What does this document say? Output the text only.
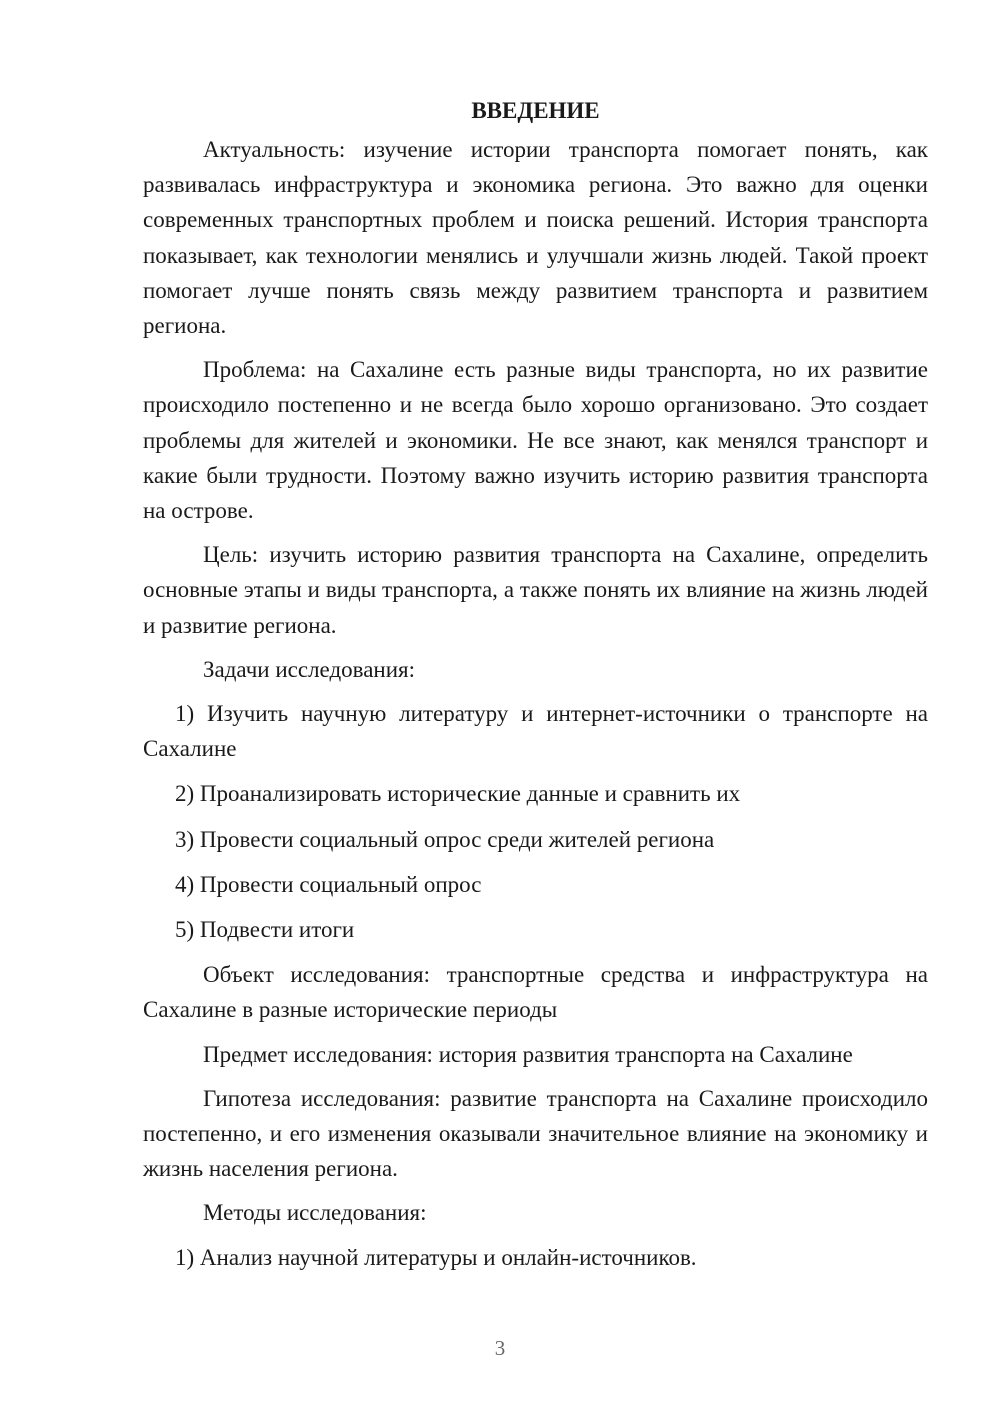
ВВЕДЕНИЕ

Актуальность: изучение истории транспорта помогает понять, как развивалась инфраструктура и экономика региона. Это важно для оценки современных транспортных проблем и поиска решений. История транспорта показывает, как технологии менялись и улучшали жизнь людей. Такой проект помогает лучше понять связь между развитием транспорта и развитием региона.

Проблема: на Сахалине есть разные виды транспорта, но их развитие происходило постепенно и не всегда было хорошо организовано. Это создает проблемы для жителей и экономики. Не все знают, как менялся транспорт и какие были трудности. Поэтому важно изучить историю развития транспорта на острове.

Цель: изучить историю развития транспорта на Сахалине, определить основные этапы и виды транспорта, а также понять их влияние на жизнь людей и развитие региона.

Задачи исследования:

1) Изучить научную литературу и интернет-источники о транспорте на Сахалине

2) Проанализировать исторические данные и сравнить их

3) Провести социальный опрос среди жителей региона

4) Провести социальный опрос

5) Подвести итоги

Объект исследования: транспортные средства и инфраструктура на Сахалине в разные исторические периоды

Предмет исследования: история развития транспорта на Сахалине

Гипотеза исследования: развитие транспорта на Сахалине происходило постепенно, и его изменения оказывали значительное влияние на экономику и жизнь населения региона.

Методы исследования:

1) Анализ научной литературы и онлайн-источников.

3
